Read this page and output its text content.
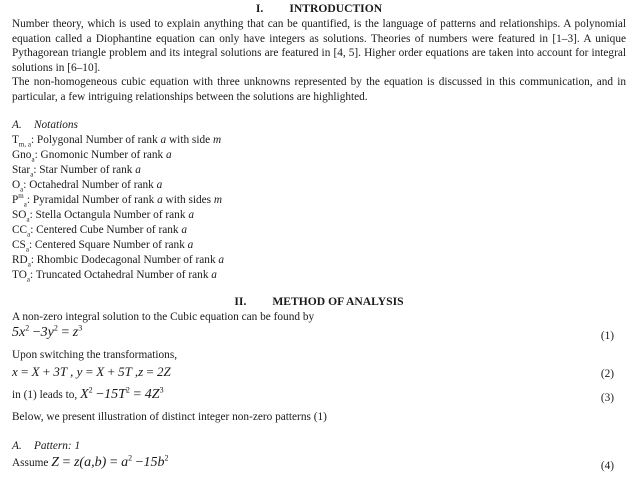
I. INTRODUCTION

Number theory, which is used to explain anything that can be quantified, is the language of patterns and relationships. A polynomial equation called a Diophantine equation can only have integers as solutions. Theories of numbers were featured in [1–3]. A unique Pythagorean triangle problem and its integral solutions are featured in [4, 5]. Higher order equations are taken into account for integral solutions in [6–10].

The non-homogeneous cubic equation with three unknowns represented by the equation is discussed in this communication, and in particular, a few intriguing relationships between the solutions are highlighted.

A. Notations
$T_{m, a}$: Polygonal Number of rank a with side m
Gno$_a$: Gnomonic Number of rank a
Star$_a$: Star Number of rank a
$O_a$: Octahedral Number of rank a
$P^m_a$: Pyramidal Number of rank a with sides m
$SO_a$: Stella Octangula Number of rank a
$CC_a$: Centered Cube Number of rank a
$CS_a$: Centered Square Number of rank a
$RD_a$: Rhombic Dodecagonal Number of rank a
$TO_a$: Truncated Octahedral Number of rank a
II. METHOD OF ANALYSIS

A non-zero integral solution to the Cubic equation can be found by

$5x^2 -3y^2 = z^3$
(1)

Upon switching the transformations,

x = X + 3T , y = X + 5T ,z = 2Z	(2)
in (1) leads to, $X^2 -15T^2 = 4Z^3$
(3)

Below, we present illustration of distinct integer non-zero patterns (1)

A. Pattern: 1
Assume $Z = z(a,b) = a^2 -15b^2$
(4)
